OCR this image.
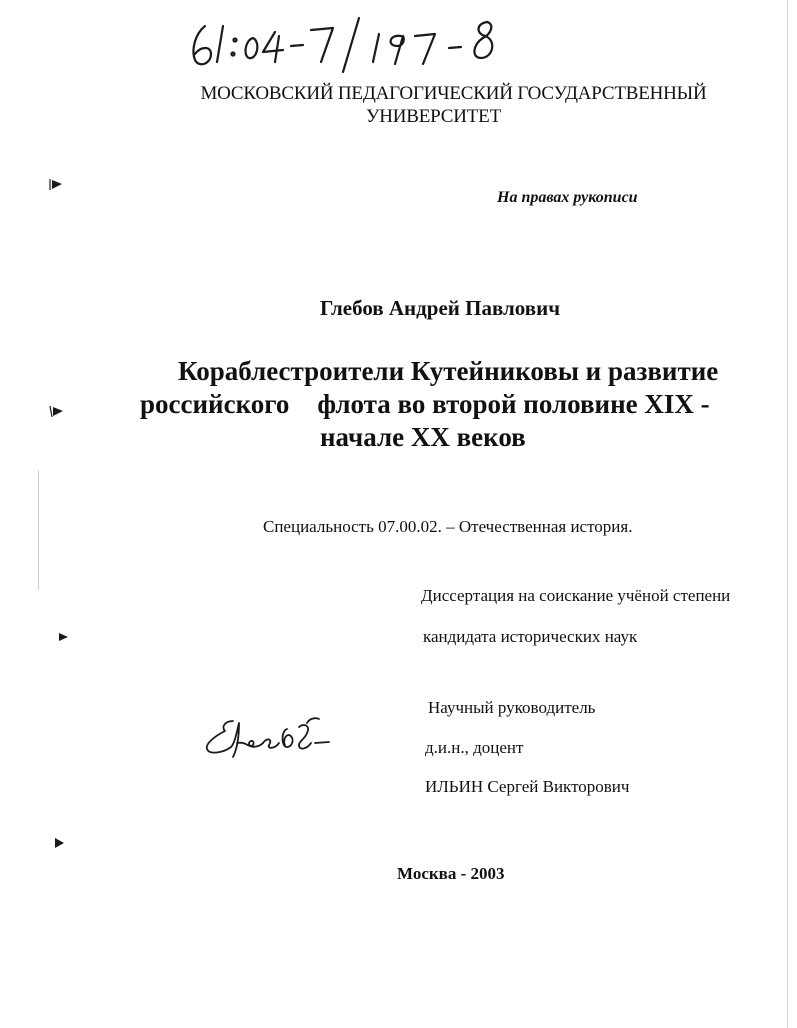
МОСКОВСКИЙ ПЕДАГОГИЧЕСКИЙ ГОСУДАРСТВЕННЫЙ
УНИВЕРСИТЕТ
На правах рукописи
Глебов Андрей Павлович
Кораблестроители Кутейниковы и развитие
российского флота во второй половине XIX -
начале XX веков
Специальность 07.00.02. – Отечественная история.
Диссертация на соискание учёной степени
кандидата исторических наук
Научный руководитель
д.и.н., доцент
ИЛЬИН Сергей Викторович
Москва - 2003
